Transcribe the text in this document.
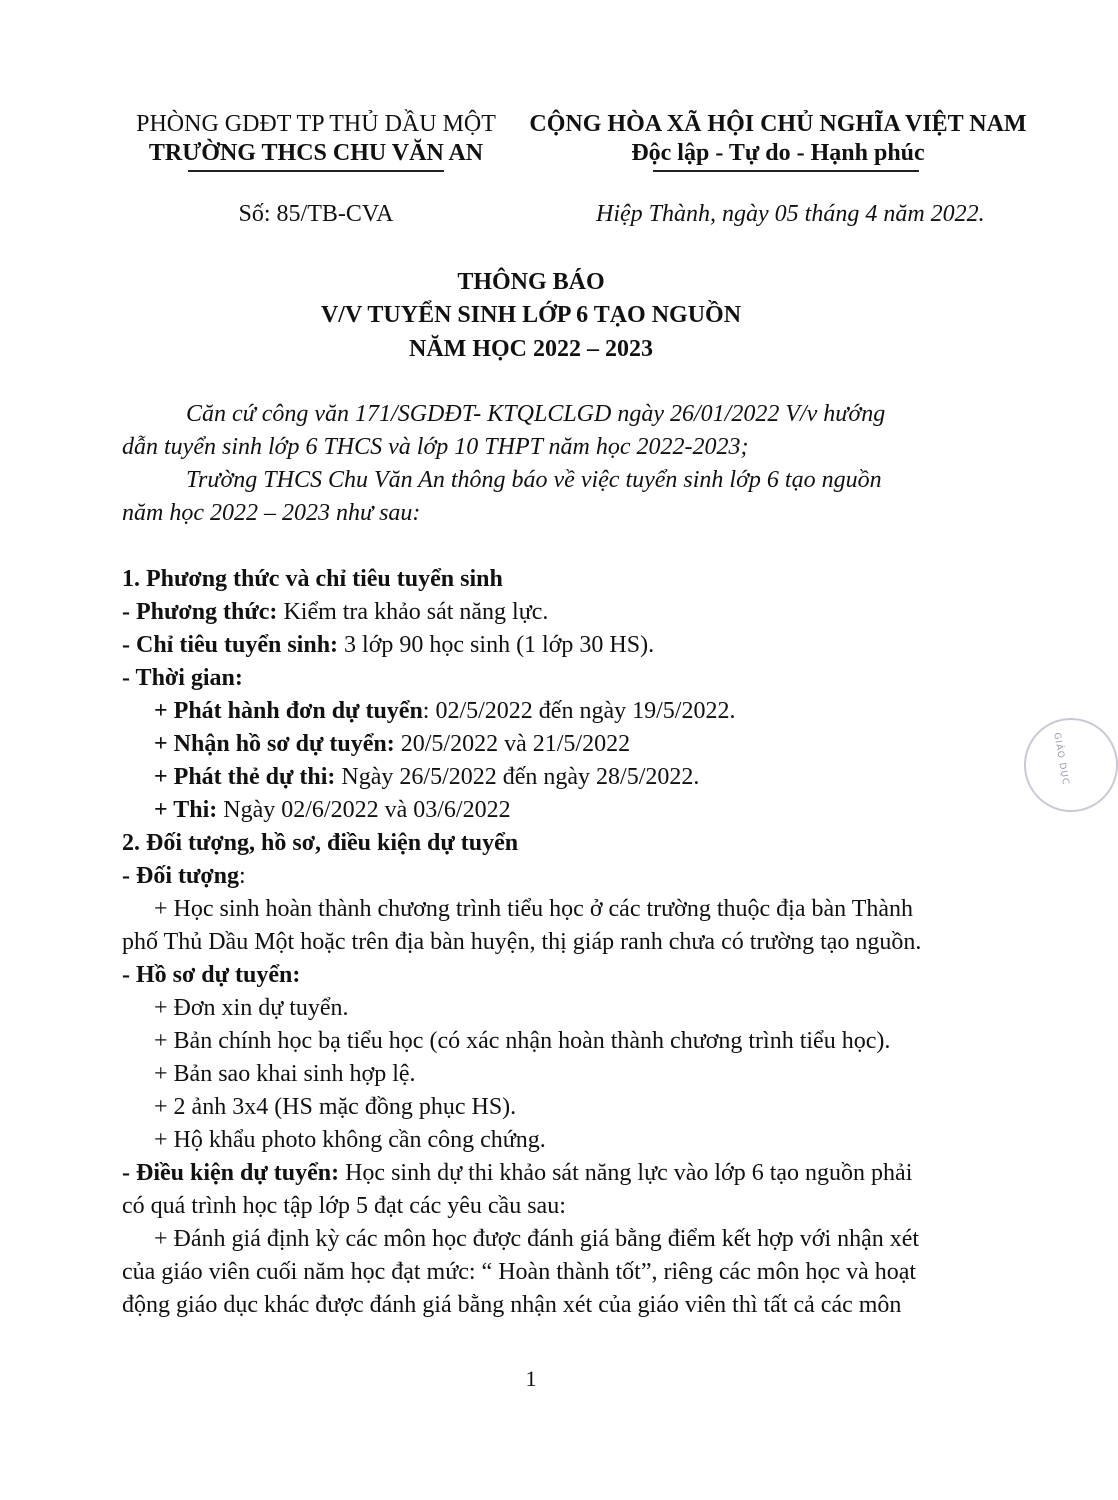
PHÒNG GDĐT TP THỦ DẦU MỘT
TRƯỜNG THCS CHU VĂN AN
CỘNG HÒA XÃ HỘI CHỦ NGHĨA VIỆT NAM
Độc lập - Tự do - Hạnh phúc
Số: 85/TB-CVA	Hiệp Thành, ngày 05 tháng 4 năm 2022.
THÔNG BÁO
V/V TUYỂN SINH LỚP 6 TẠO NGUỒN
NĂM HỌC 2022 – 2023
Căn cứ công văn 171/SGDĐT- KTQLCLGD ngày 26/01/2022 V/v hướng
dẫn tuyển sinh lớp 6 THCS và lớp 10 THPT năm học 2022-2023;
Trường THCS Chu Văn An thông báo về việc tuyển sinh lớp 6 tạo nguồn
năm học 2022 – 2023 như sau:
1. Phương thức và chỉ tiêu tuyển sinh
- Phương thức: Kiểm tra khảo sát năng lực.
- Chỉ tiêu tuyển sinh: 3 lớp 90 học sinh (1 lớp 30 HS).
- Thời gian:
+ Phát hành đơn dự tuyển: 02/5/2022 đến ngày 19/5/2022.
+ Nhận hồ sơ dự tuyển: 20/5/2022 và 21/5/2022
+ Phát thẻ dự thi: Ngày 26/5/2022 đến ngày 28/5/2022.
+ Thi: Ngày 02/6/2022 và 03/6/2022
2. Đối tượng, hồ sơ, điều kiện dự tuyển
- Đối tượng:
+ Học sinh hoàn thành chương trình tiểu học ở các trường thuộc địa bàn Thành
phố Thủ Dầu Một hoặc trên địa bàn huyện, thị giáp ranh chưa có trường tạo nguồn.
- Hồ sơ dự tuyển:
+ Đơn xin dự tuyển.
+ Bản chính học bạ tiểu học (có xác nhận hoàn thành chương trình tiểu học).
+ Bản sao khai sinh hợp lệ.
+ 2 ảnh 3x4 (HS mặc đồng phục HS).
+ Hộ khẩu photo không cần công chứng.
- Điều kiện dự tuyển: Học sinh dự thi khảo sát năng lực vào lớp 6 tạo nguồn phải
có quá trình học tập lớp 5 đạt các yêu cầu sau:
+ Đánh giá định kỳ các môn học được đánh giá bằng điểm kết hợp với nhận xét
của giáo viên cuối năm học đạt mức: “ Hoàn thành tốt”, riêng các môn học và hoạt
động giáo dục khác được đánh giá bằng nhận xét của giáo viên thì tất cả các môn
GIÁO DỤC
1
